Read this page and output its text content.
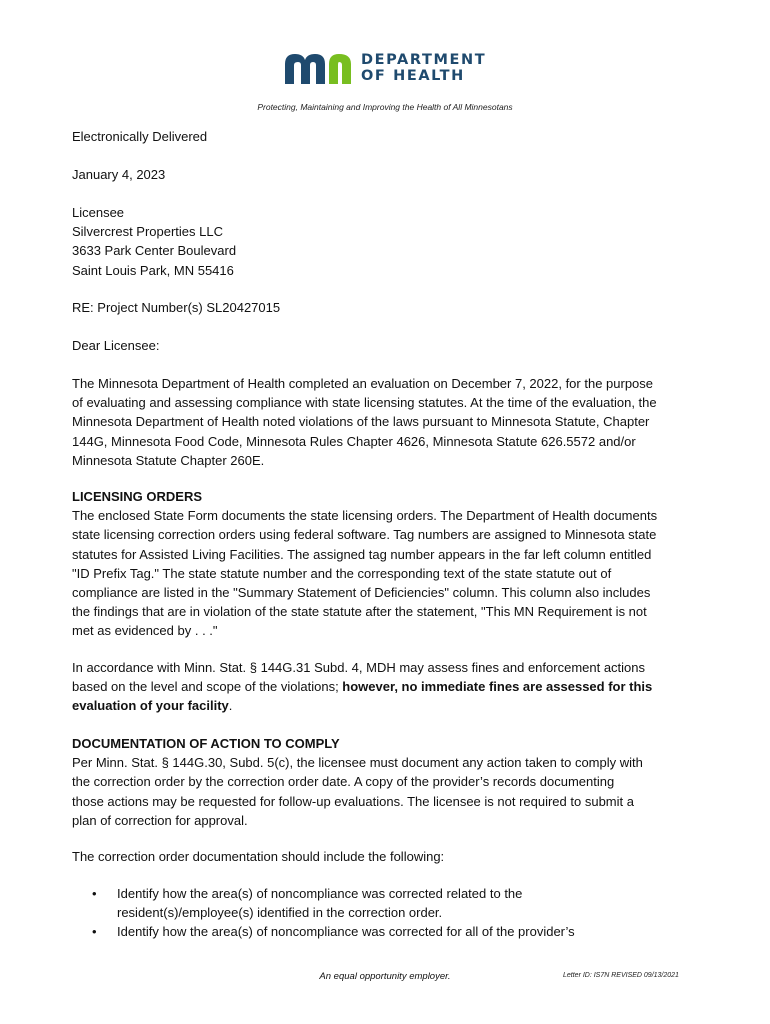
DEPARTMENT
OF HEALTH
Protecting, Maintaining and Improving the Health of All Minnesotans

Electronically Delivered

January 4, 2023

Licensee

Silvercrest Properties LLC

3633 Park Center Boulevard

Saint Louis Park, MN 55416

RE: Project Number(s) SL20427015

Dear Licensee:

The Minnesota Department of Health completed an evaluation on December 7, 2022, for the purpose

of evaluating and assessing compliance with state licensing statutes. At the time of the evaluation, the

Minnesota Department of Health noted violations of the laws pursuant to Minnesota Statute, Chapter

144G, Minnesota Food Code, Minnesota Rules Chapter 4626, Minnesota Statute 626.5572 and/or

Minnesota Statute Chapter 260E.

LICENSING ORDERS

The enclosed State Form documents the state licensing orders. The Department of Health documents

state licensing correction orders using federal software. Tag numbers are assigned to Minnesota state

statutes for Assisted Living Facilities. The assigned tag number appears in the far left column entitled

"ID Prefix Tag." The state statute number and the corresponding text of the state statute out of

compliance are listed in the "Summary Statement of Deficiencies" column. This column also includes

the findings that are in violation of the state statute after the statement, "This MN Requirement is not

met as evidenced by . . ."

In accordance with Minn. Stat. § 144G.31 Subd. 4, MDH may assess fines and enforcement actions

based on the level and scope of the violations; however, no immediate fines are assessed for this

evaluation of your facility.

DOCUMENTATION OF ACTION TO COMPLY

Per Minn. Stat. § 144G.30, Subd. 5(c), the licensee must document any action taken to comply with

the correction order by the correction order date. A copy of the provider’s records documenting

those actions may be requested for follow-up evaluations. The licensee is not required to submit a

plan of correction for approval.

The correction order documentation should include the following:

• Identify how the area(s) of noncompliance was corrected related to the
resident(s)/employee(s) identified in the correction order.
• Identify how the area(s) of noncompliance was corrected for all of the provider’s
An equal opportunity employer.	Letter ID: IS7N REVISED 09/13/2021
